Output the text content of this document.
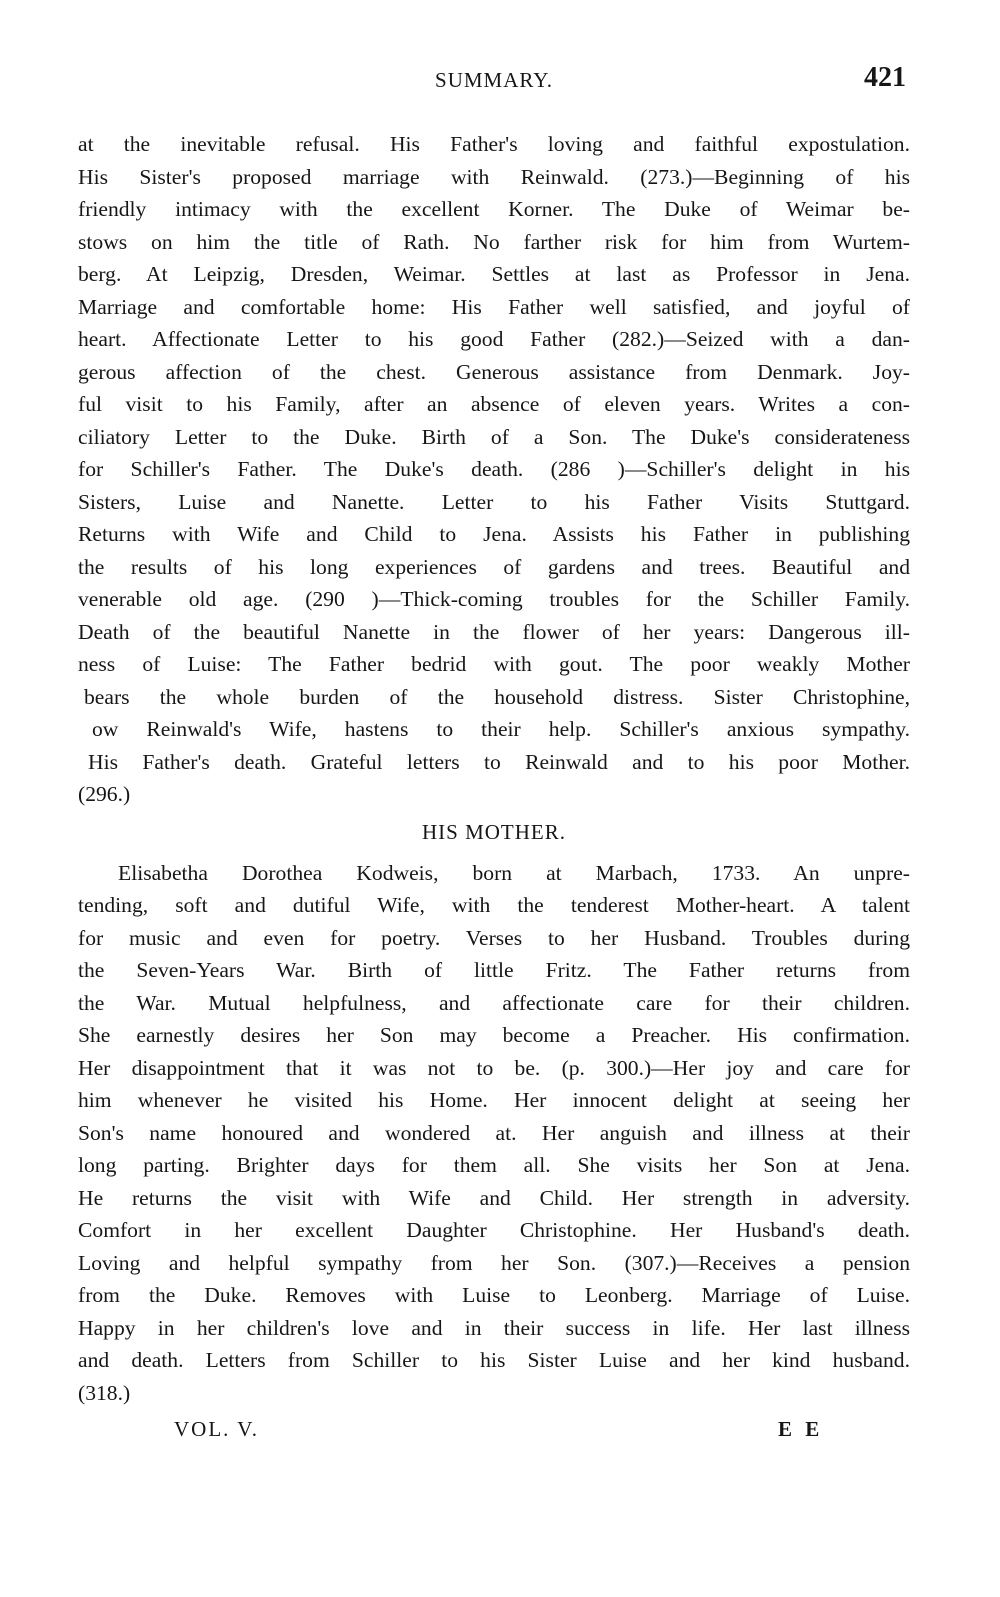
SUMMARY.	421
at the inevitable refusal. His Father's loving and faithful expostulation.
His Sister's proposed marriage with Reinwald. (273.)—Beginning of his
friendly intimacy with the excellent Korner. The Duke of Weimar be-
stows on him the title of Rath. No farther risk for him from Wurtem-
berg. At Leipzig, Dresden, Weimar. Settles at last as Professor in Jena.
Marriage and comfortable home: His Father well satisfied, and joyful of
heart. Affectionate Letter to his good Father (282.)—Seized with a dan-
gerous affection of the chest. Generous assistance from Denmark. Joy-
ful visit to his Family, after an absence of eleven years. Writes a con-
ciliatory Letter to the Duke. Birth of a Son. The Duke's considerateness
for Schiller's Father. The Duke's death. (286 )—Schiller's delight in his
Sisters, Luise and Nanette. Letter to his Father Visits Stuttgard.
Returns with Wife and Child to Jena. Assists his Father in publishing
the results of his long experiences of gardens and trees. Beautiful and
venerable old age. (290 )—Thick-coming troubles for the Schiller Family.
Death of the beautiful Nanette in the flower of her years: Dangerous ill-
ness of Luise: The Father bedrid with gout. The poor weakly Mother
bears the whole burden of the household distress. Sister Christophine,
ow Reinwald's Wife, hastens to their help. Schiller's anxious sympathy.
His Father's death. Grateful letters to Reinwald and to his poor Mother.
(296.)
HIS MOTHER.
Elisabetha Dorothea Kodweis, born at Marbach, 1733. An unpre-
tending, soft and dutiful Wife, with the tenderest Mother-heart. A talent
for music and even for poetry. Verses to her Husband. Troubles during
the Seven-Years War. Birth of little Fritz. The Father returns from
the War. Mutual helpfulness, and affectionate care for their children.
She earnestly desires her Son may become a Preacher. His confirmation.
Her disappointment that it was not to be. (p. 300.)—Her joy and care for
him whenever he visited his Home. Her innocent delight at seeing her
Son's name honoured and wondered at. Her anguish and illness at their
long parting. Brighter days for them all. She visits her Son at Jena.
He returns the visit with Wife and Child. Her strength in adversity.
Comfort in her excellent Daughter Christophine. Her Husband's death.
Loving and helpful sympathy from her Son. (307.)—Receives a pension
from the Duke. Removes with Luise to Leonberg. Marriage of Luise.
Happy in her children's love and in their success in life. Her last illness
and death. Letters from Schiller to his Sister Luise and her kind husband.
(318.)
VOL. V.	E E
